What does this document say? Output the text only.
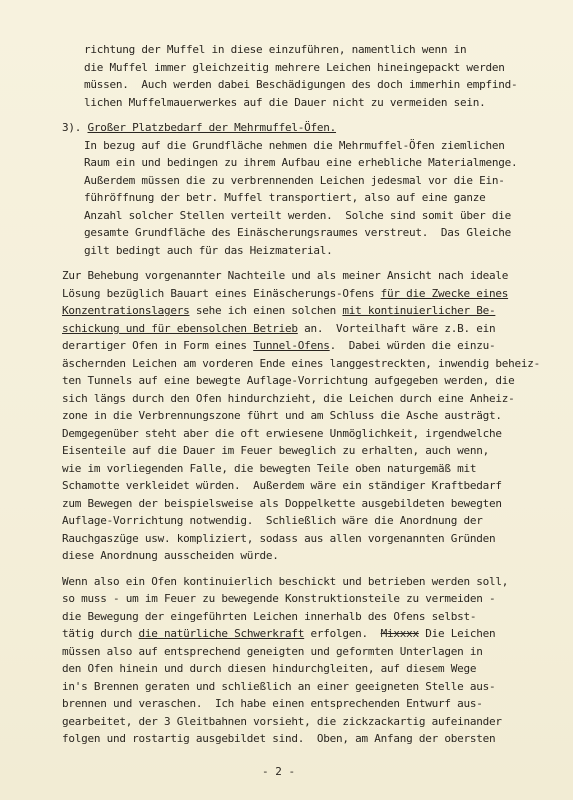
richtung der Muffel in diese einzuführen, namentlich wenn in
die Muffel immer gleichzeitig mehrere Leichen hineingepackt werden
müssen.  Auch werden dabei Beschädigungen des doch immerhin empfind-
lichen Muffelmauerwerkes auf die Dauer nicht zu vermeiden sein.
3). Großer Platzbedarf der Mehrmuffel-Öfen.
In bezug auf die Grundfläche nehmen die Mehrmuffel-Öfen ziemlichen
Raum ein und bedingen zu ihrem Aufbau eine erhebliche Materialmenge.
Außerdem müssen die zu verbrennenden Leichen jedesmal vor die Ein-
führöffnung der betr. Muffel transportiert, also auf eine ganze
Anzahl solcher Stellen verteilt werden.  Solche sind somit über die
gesamte Grundfläche des Einäscherungsraumes verstreut.  Das Gleiche
gilt bedingt auch für das Heizmaterial.
Zur Behebung vorgenannter Nachteile und als meiner Ansicht nach ideale
Lösung bezüglich Bauart eines Einäscherungs-Ofens für die Zwecke eines
Konzentrationslagers sehe ich einen solchen mit kontinuierlicher Be-
schickung und für ebensolchen Betrieb an.  Vorteilhaft wäre z.B. ein
derartiger Ofen in Form eines Tunnel-Ofens.  Dabei würden die einzu-
äschernden Leichen am vorderen Ende eines langgestreckten, inwendig beheiz-
ten Tunnels auf eine bewegte Auflage-Vorrichtung aufgegeben werden, die
sich längs durch den Ofen hindurchzieht, die Leichen durch eine Anheiz-
zone in die Verbrennungszone führt und am Schluss die Asche austrägt.
Demgegenüber steht aber die oft erwiesene Unmöglichkeit, irgendwelche
Eisenteile auf die Dauer im Feuer beweglich zu erhalten, auch wenn,
wie im vorliegenden Falle, die bewegten Teile oben naturgemäß mit
Schamotte verkleidet würden.  Außerdem wäre ein ständiger Kraftbedarf
zum Bewegen der beispielsweise als Doppelkette ausgebildeten bewegten
Auflage-Vorrichtung notwendig.  Schließlich wäre die Anordnung der
Rauchgaszüge usw. kompliziert, sodass aus allen vorgenannten Gründen
diese Anordnung ausscheiden würde.
Wenn also ein Ofen kontinuierlich beschickt und betrieben werden soll,
so muss - um im Feuer zu bewegende Konstruktionsteile zu vermeiden -
die Bewegung der eingeführten Leichen innerhalb des Ofens selbst-
tätig durch die natürliche Schwerkraft erfolgen.  Mixxxx Die Leichen
müssen also auf entsprechend geneigten und geformten Unterlagen in
den Ofen hinein und durch diesen hindurchgleiten, auf diesem Wege
in's Brennen geraten und schließlich an einer geeigneten Stelle aus-
brennen und veraschen.  Ich habe einen entsprechenden Entwurf aus-
gearbeitet, der 3 Gleitbahnen vorsieht, die zickzackartig aufeinander
folgen und rostartig ausgebildet sind.  Oben, am Anfang der obersten
- 2 -
